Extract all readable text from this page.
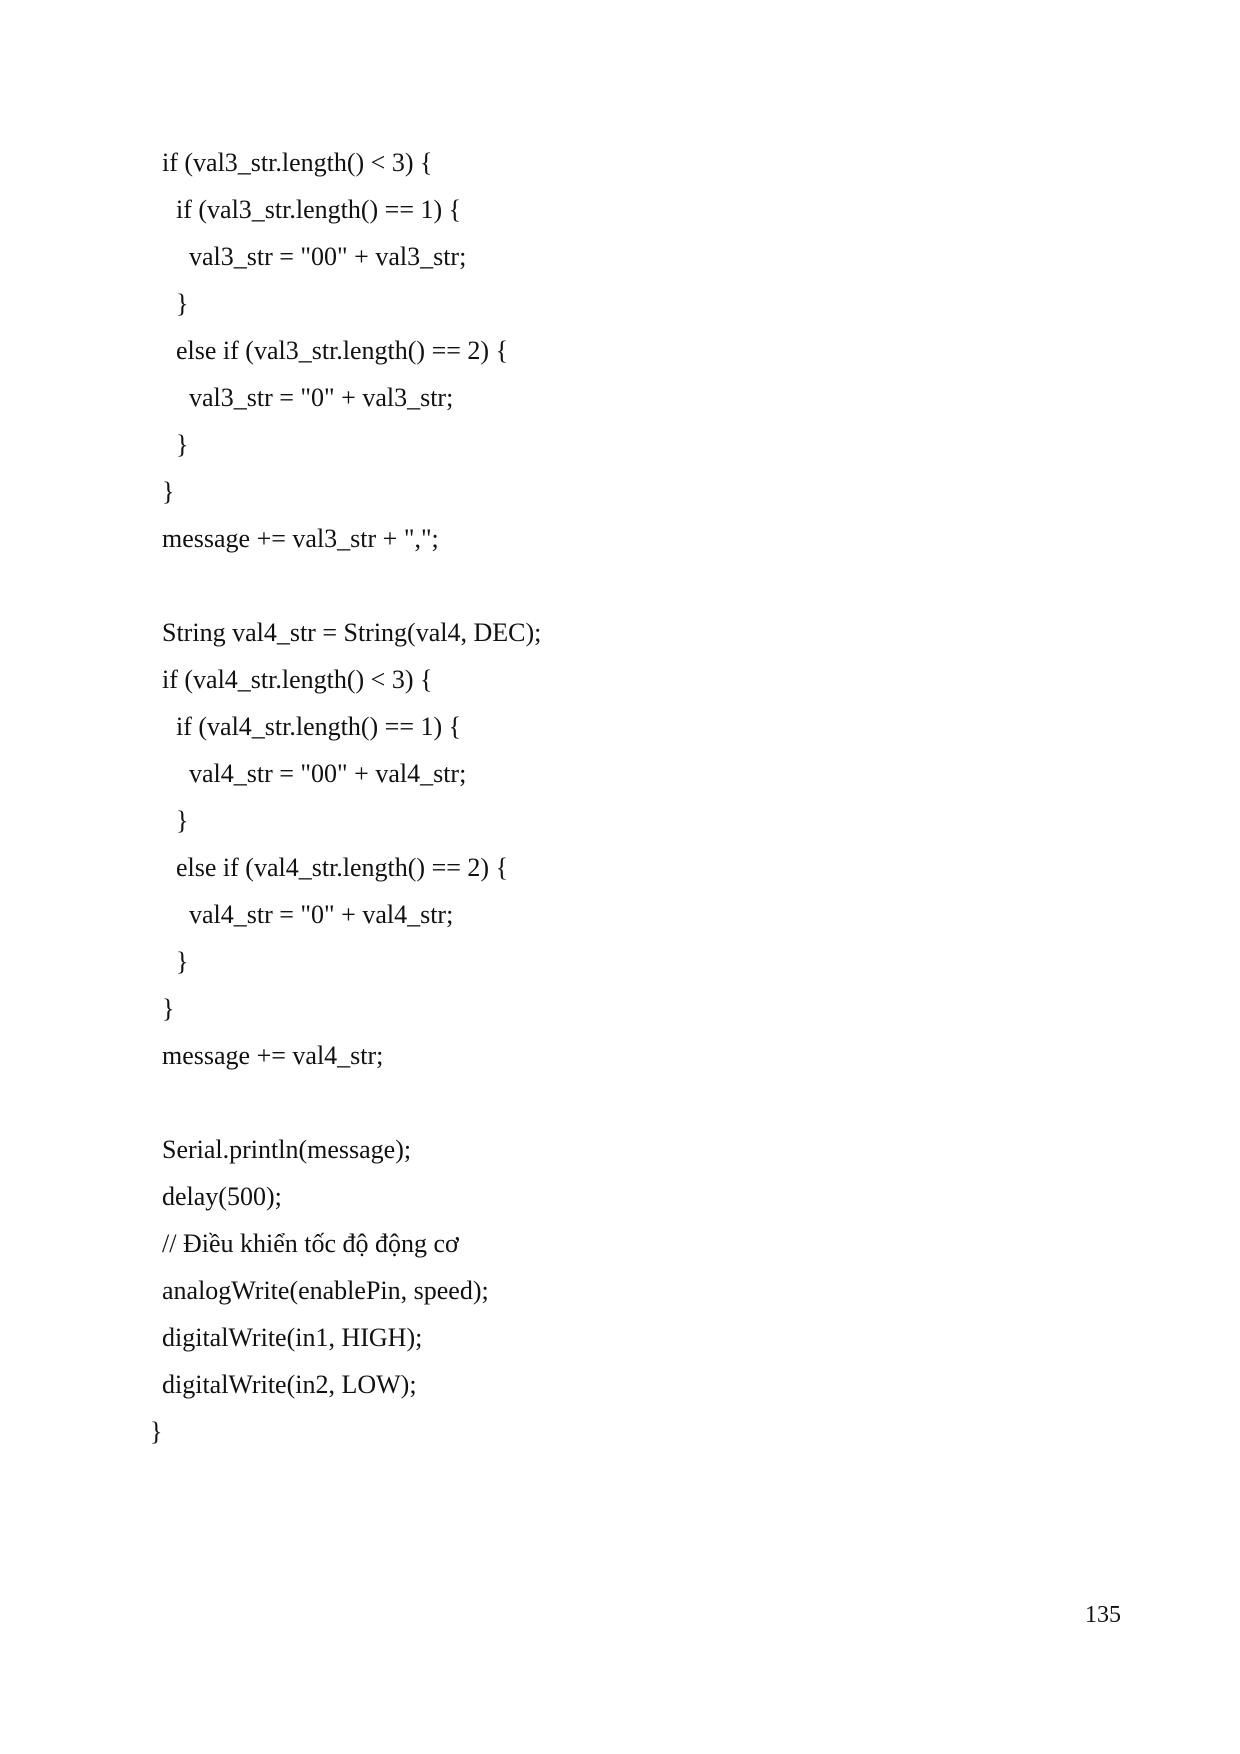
if (val3_str.length() < 3) {
if (val3_str.length() == 1) {
val3_str = "00" + val3_str;
}
else if (val3_str.length() == 2) {
val3_str = "0" + val3_str;
}
}
message += val3_str + ",";
String val4_str = String(val4, DEC);
if (val4_str.length() < 3) {
if (val4_str.length() == 1) {
val4_str = "00" + val4_str;
}
else if (val4_str.length() == 2) {
val4_str = "0" + val4_str;
}
}
message += val4_str;
Serial.println(message);
delay(500);
// Điều khiển tốc độ động cơ
analogWrite(enablePin, speed);
digitalWrite(in1, HIGH);
digitalWrite(in2, LOW);
}
135
